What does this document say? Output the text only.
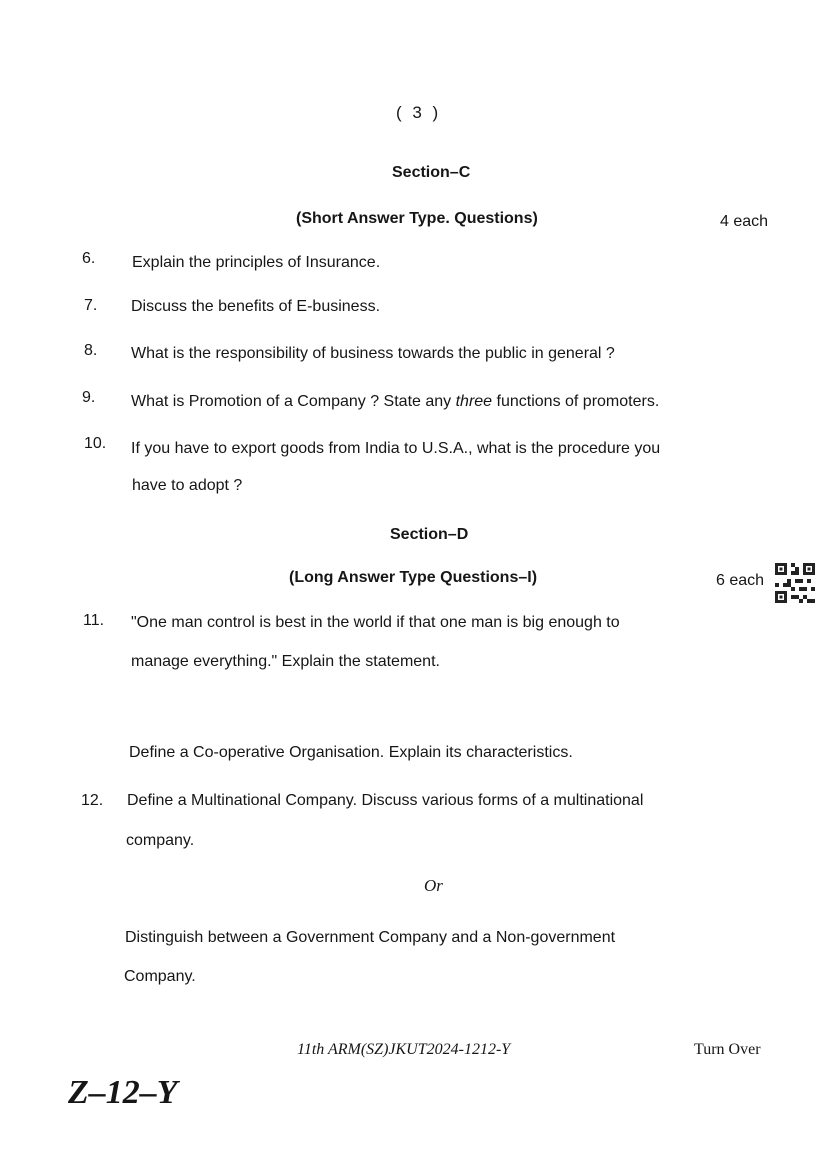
( 3 )
Section–C
(Short Answer Type. Questions)	4 each
6. Explain the principles of Insurance.
7. Discuss the benefits of E-business.
8. What is the responsibility of business towards the public in general ?
9. What is Promotion of a Company ? State any three functions of promoters.
10. If you have to export goods from India to U.S.A., what is the procedure you
have to adopt ?
Section–D
(Long Answer Type Questions–I)	6 each
11. "One man control is best in the world if that one man is big enough to
manage everything." Explain the statement.
Define a Co-operative Organisation. Explain its characteristics.
12. Define a Multinational Company. Discuss various forms of a multinational
company.
Or
Distinguish between a Government Company and a Non-government
Company.
11th ARM(SZ)JKUT2024-1212-Y	Turn Over
Z–12–Y
